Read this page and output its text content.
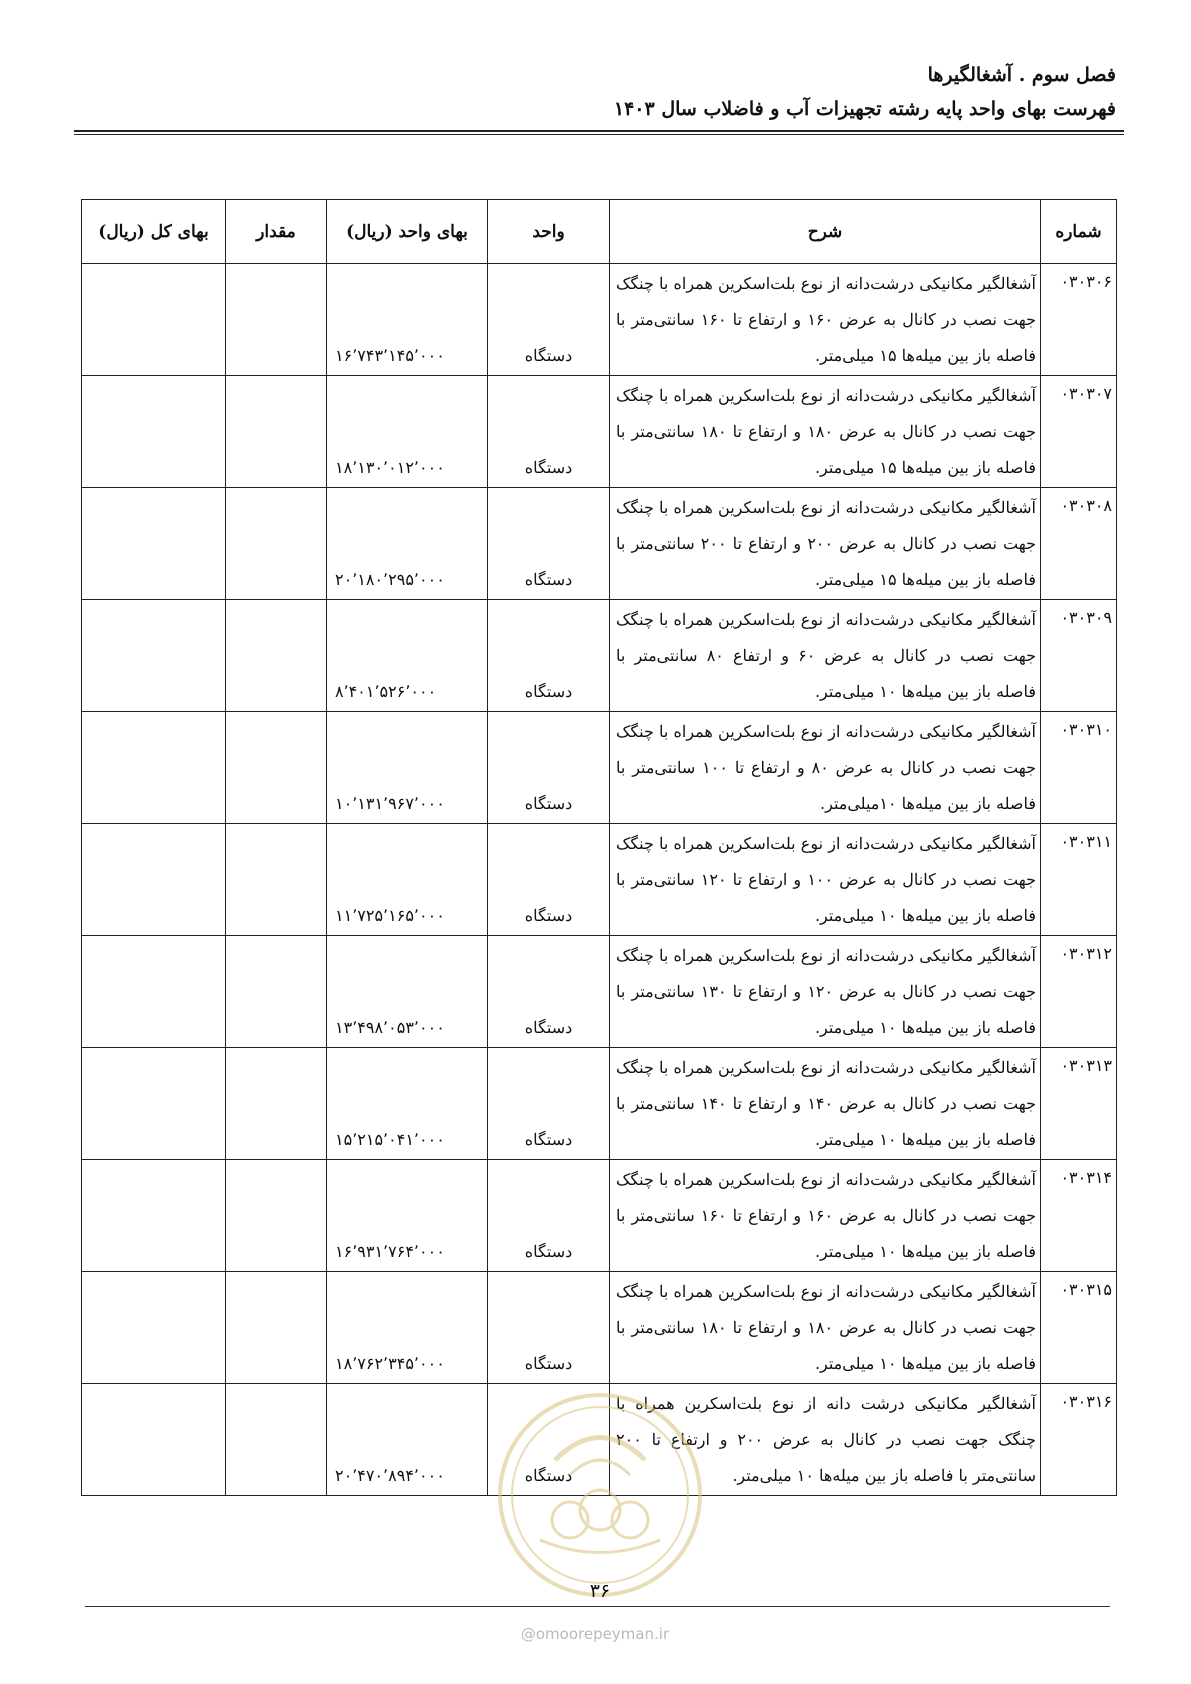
فصل سوم . آشغالگیرها
فهرست بهای واحد پایه رشته تجهیزات آب و فاضلاب سال ۱۴۰۳
شماره	شرح	واحد	بهای واحد (ریال)	مقدار	بهای کل (ریال)
۰۳۰۳۰۶	آشغالگیر مکانیکی درشت‌دانه از نوع بلت‌اسکرین همراه با چنگک جهت نصب در کانال به عرض ۱۶۰ و ارتفاع تا ۱۶۰ سانتی‌متر با فاصله باز بین میله‌ها ۱۵ میلی‌متر.	دستگاه	۱۶٬۷۴۳٬۱۴۵٬۰۰۰		
۰۳۰۳۰۷	آشغالگیر مکانیکی درشت‌دانه از نوع بلت‌اسکرین همراه با چنگک جهت نصب در کانال به عرض ۱۸۰ و ارتفاع تا ۱۸۰ سانتی‌متر با فاصله باز بین میله‌ها ۱۵ میلی‌متر.	دستگاه	۱۸٬۱۳۰٬۰۱۲٬۰۰۰		
۰۳۰۳۰۸	آشغالگیر مکانیکی درشت‌دانه از نوع بلت‌اسکرین همراه با چنگک جهت نصب در کانال به عرض ۲۰۰ و ارتفاع تا ۲۰۰ سانتی‌متر با فاصله باز بین میله‌ها ۱۵ میلی‌متر.	دستگاه	۲۰٬۱۸۰٬۲۹۵٬۰۰۰		
۰۳۰۳۰۹	آشغالگیر مکانیکی درشت‌دانه از نوع بلت‌اسکرین همراه با چنگک جهت نصب در کانال به عرض ۶۰ و ارتفاع ۸۰ سانتی‌متر با فاصله باز بین میله‌ها ۱۰ میلی‌متر.	دستگاه	۸٬۴۰۱٬۵۲۶٬۰۰۰		
۰۳۰۳۱۰	آشغالگیر مکانیکی درشت‌دانه از نوع بلت‌اسکرین همراه با چنگک جهت نصب در کانال به عرض ۸۰ و ارتفاع تا ۱۰۰ سانتی‌متر با فاصله باز بین میله‌ها ۱۰میلی‌متر.	دستگاه	۱۰٬۱۳۱٬۹۶۷٬۰۰۰		
۰۳۰۳۱۱	آشغالگیر مکانیکی درشت‌دانه از نوع بلت‌اسکرین همراه با چنگک جهت نصب در کانال به عرض ۱۰۰ و ارتفاع تا ۱۲۰ سانتی‌متر با فاصله باز بین میله‌ها ۱۰ میلی‌متر.	دستگاه	۱۱٬۷۲۵٬۱۶۵٬۰۰۰		
۰۳۰۳۱۲	آشغالگیر مکانیکی درشت‌دانه از نوع بلت‌اسکرین همراه با چنگک جهت نصب در کانال به عرض ۱۲۰ و ارتفاع تا ۱۳۰ سانتی‌متر با فاصله باز بین میله‌ها ۱۰ میلی‌متر.	دستگاه	۱۳٬۴۹۸٬۰۵۳٬۰۰۰		
۰۳۰۳۱۳	آشغالگیر مکانیکی درشت‌دانه از نوع بلت‌اسکرین همراه با چنگک جهت نصب در کانال به عرض ۱۴۰ و ارتفاع تا ۱۴۰ سانتی‌متر با فاصله باز بین میله‌ها ۱۰ میلی‌متر.	دستگاه	۱۵٬۲۱۵٬۰۴۱٬۰۰۰		
۰۳۰۳۱۴	آشغالگیر مکانیکی درشت‌دانه از نوع بلت‌اسکرین همراه با چنگک جهت نصب در کانال به عرض ۱۶۰ و ارتفاع تا ۱۶۰ سانتی‌متر با فاصله باز بین میله‌ها ۱۰ میلی‌متر.	دستگاه	۱۶٬۹۳۱٬۷۶۴٬۰۰۰		
۰۳۰۳۱۵	آشغالگیر مکانیکی درشت‌دانه از نوع بلت‌اسکرین همراه با چنگک جهت نصب در کانال به عرض ۱۸۰ و ارتفاع تا ۱۸۰ سانتی‌متر با فاصله باز بین میله‌ها ۱۰ میلی‌متر.	دستگاه	۱۸٬۷۶۲٬۳۴۵٬۰۰۰		
۰۳۰۳۱۶	آشغالگیر مکانیکی درشت دانه از نوع بلت‌اسکرین همراه با چنگک جهت نصب در کانال به عرض ۲۰۰ و ارتفاع تا ۲۰۰ سانتی‌متر با فاصله باز بین میله‌ها ۱۰ میلی‌متر.	دستگاه	۲۰٬۴۷۰٬۸۹۴٬۰۰۰		
۳۶
@omoorepeyman.ir
